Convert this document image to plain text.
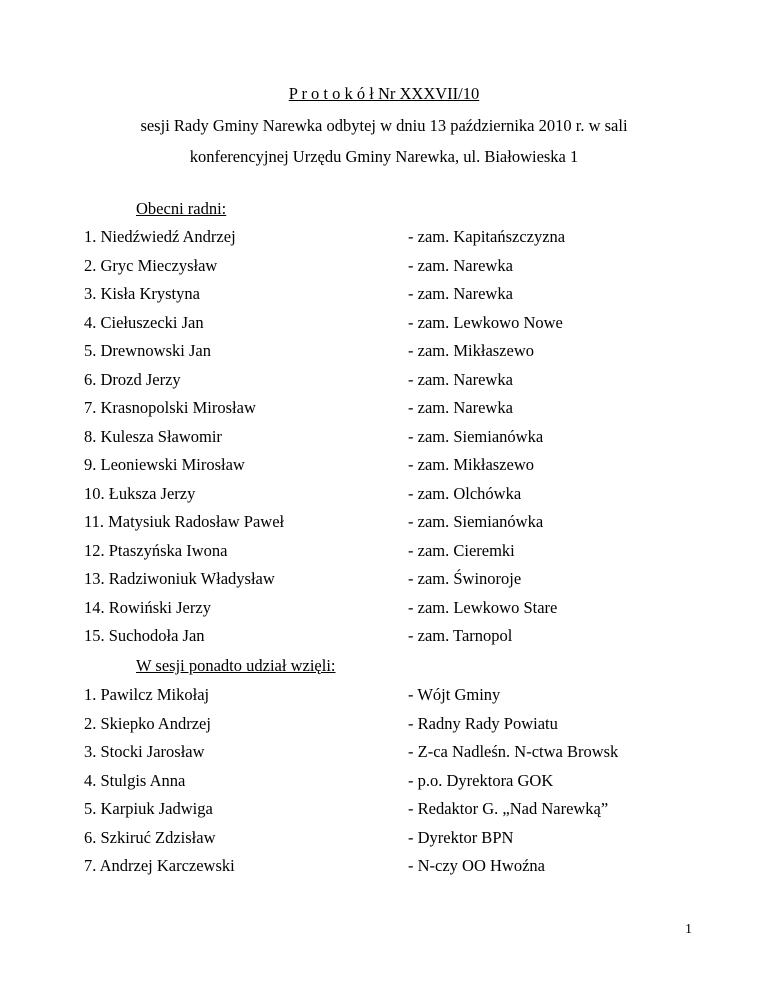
P r o t o k ó ł Nr XXXVII/10
sesji Rady Gminy Narewka odbytej w dniu 13 października 2010 r. w sali
konferencyjnej Urzędu Gminy Narewka, ul. Białowieska 1
Obecni radni:
1. Niedźwiedź Andrzej	- zam. Kapitańszczyzna
2. Gryc Mieczysław	- zam. Narewka
3. Kisła Krystyna	- zam. Narewka
4. Ciełuszecki Jan	- zam. Lewkowo Nowe
5. Drewnowski Jan	- zam. Mikłaszewo
6. Drozd Jerzy	- zam. Narewka
7. Krasnopolski Mirosław	- zam. Narewka
8. Kulesza Sławomir	- zam. Siemianówka
9. Leoniewski Mirosław	- zam. Mikłaszewo
10. Łuksza Jerzy	- zam. Olchówka
11. Matysiuk Radosław Paweł	- zam. Siemianówka
12. Ptaszyńska Iwona	- zam. Cieremki
13. Radziwoniuk Władysław	- zam. Świnoroje
14. Rowiński Jerzy	- zam. Lewkowo Stare
15. Suchodoła Jan	- zam. Tarnopol
W sesji ponadto udział wzięli:
1. Pawilcz Mikołaj	- Wójt Gminy
2. Skiepko Andrzej	- Radny Rady Powiatu
3. Stocki Jarosław	- Z-ca Nadleśn. N-ctwa Browsk
4. Stulgis Anna	- p.o. Dyrektora GOK
5. Karpiuk Jadwiga	- Redaktor G. „Nad Narewką”
6. Szkiruć Zdzisław	- Dyrektor BPN
7. Andrzej Karczewski	- N-czy OO Hwoźna
1
